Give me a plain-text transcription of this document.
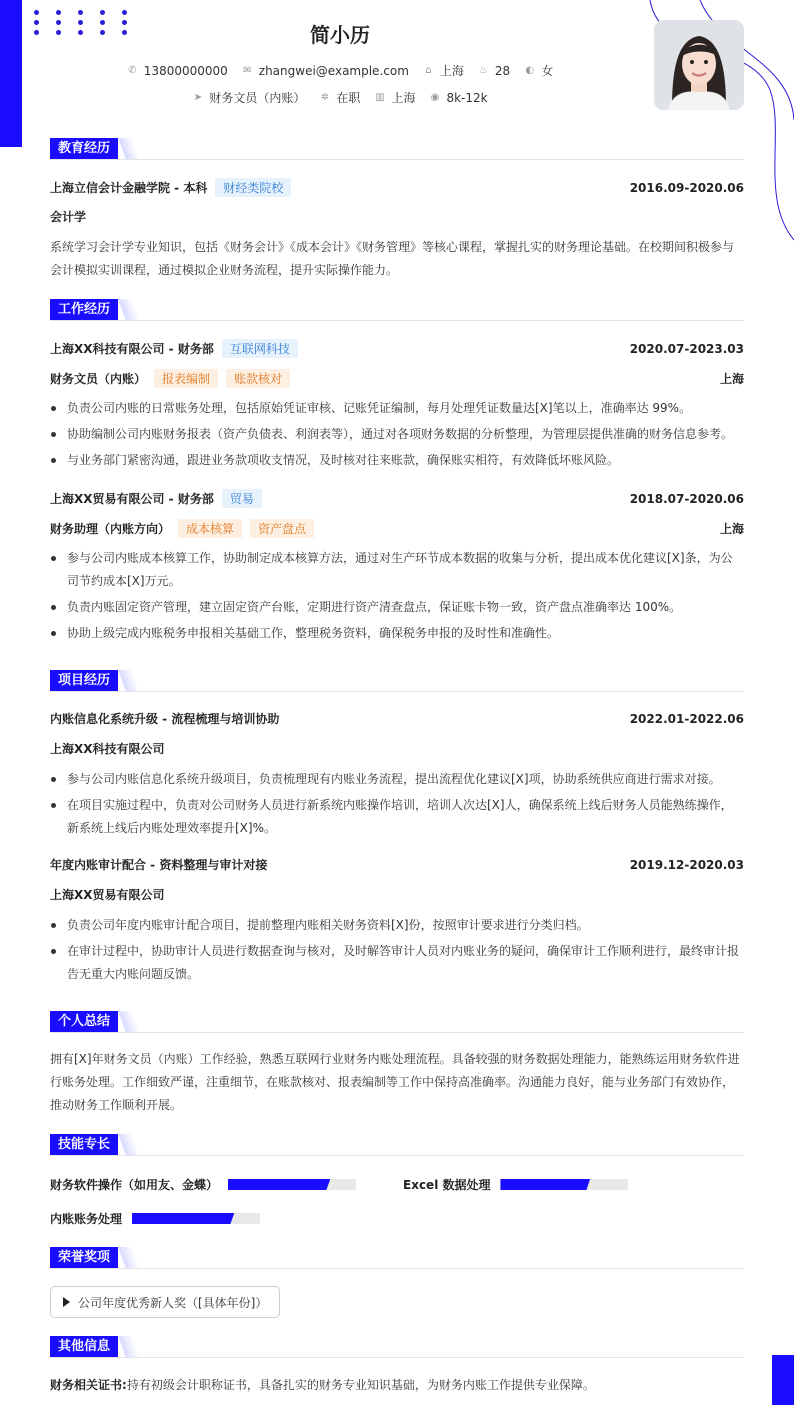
简小历
✆ 13800000000 ✉ zhangwei@example.com ⌂ 上海 ♨ 28 ◐ 女
➤ 财务文员（内账） ✲ 在职 ▥ 上海 ◉ 8k-12k
教育经历
上海立信会计金融学院 - 本科 财经类院校	2016.09-2020.06
会计学
系统学习会计学专业知识，包括《财务会计》《成本会计》《财务管理》等核心课程，掌握扎实的财务理论基础。在校期间积极参与会计模拟实训课程，通过模拟企业财务流程，提升实际操作能力。
工作经历
上海XX科技有限公司 - 财务部 互联网科技	2020.07-2023.03
财务文员（内账） 报表编制 账款核对	上海
负责公司内账的日常账务处理，包括原始凭证审核、记账凭证编制，每月处理凭证数量达[X]笔以上，准确率达 99%。
协助编制公司内账财务报表（资产负债表、利润表等），通过对各项财务数据的分析整理，为管理层提供准确的财务信息参考。
与业务部门紧密沟通，跟进业务款项收支情况，及时核对往来账款，确保账实相符，有效降低坏账风险。
上海XX贸易有限公司 - 财务部 贸易	2018.07-2020.06
财务助理（内账方向） 成本核算 资产盘点	上海
参与公司内账成本核算工作，协助制定成本核算方法，通过对生产环节成本数据的收集与分析，提出成本优化建议[X]条，为公司节约成本[X]万元。
负责内账固定资产管理，建立固定资产台账，定期进行资产清查盘点，保证账卡物一致，资产盘点准确率达 100%。
协助上级完成内账税务申报相关基础工作，整理税务资料，确保税务申报的及时性和准确性。
项目经历
内账信息化系统升级 - 流程梳理与培训协助	2022.01-2022.06
上海XX科技有限公司
参与公司内账信息化系统升级项目，负责梳理现有内账业务流程，提出流程优化建议[X]项，协助系统供应商进行需求对接。
在项目实施过程中，负责对公司财务人员进行新系统内账操作培训，培训人次达[X]人，确保系统上线后财务人员能熟练操作，新系统上线后内账处理效率提升[X]%。
年度内账审计配合 - 资料整理与审计对接	2019.12-2020.03
上海XX贸易有限公司
负责公司年度内账审计配合项目，提前整理内账相关财务资料[X]份，按照审计要求进行分类归档。
在审计过程中，协助审计人员进行数据查询与核对，及时解答审计人员对内账业务的疑问，确保审计工作顺利进行，最终审计报告无重大内账问题反馈。
个人总结
拥有[X]年财务文员（内账）工作经验，熟悉互联网行业财务内账处理流程。具备较强的财务数据处理能力，能熟练运用财务软件进行账务处理。工作细致严谨，注重细节，在账款核对、报表编制等工作中保持高准确率。沟通能力良好，能与业务部门有效协作，推动财务工作顺利开展。
技能专长
财务软件操作（如用友、金蝶）	Excel 数据处理
内账账务处理
荣誉奖项
公司年度优秀新人奖（[具体年份]）
其他信息
财务相关证书:持有初级会计职称证书，具备扎实的财务专业知识基础，为财务内账工作提供专业保障。
